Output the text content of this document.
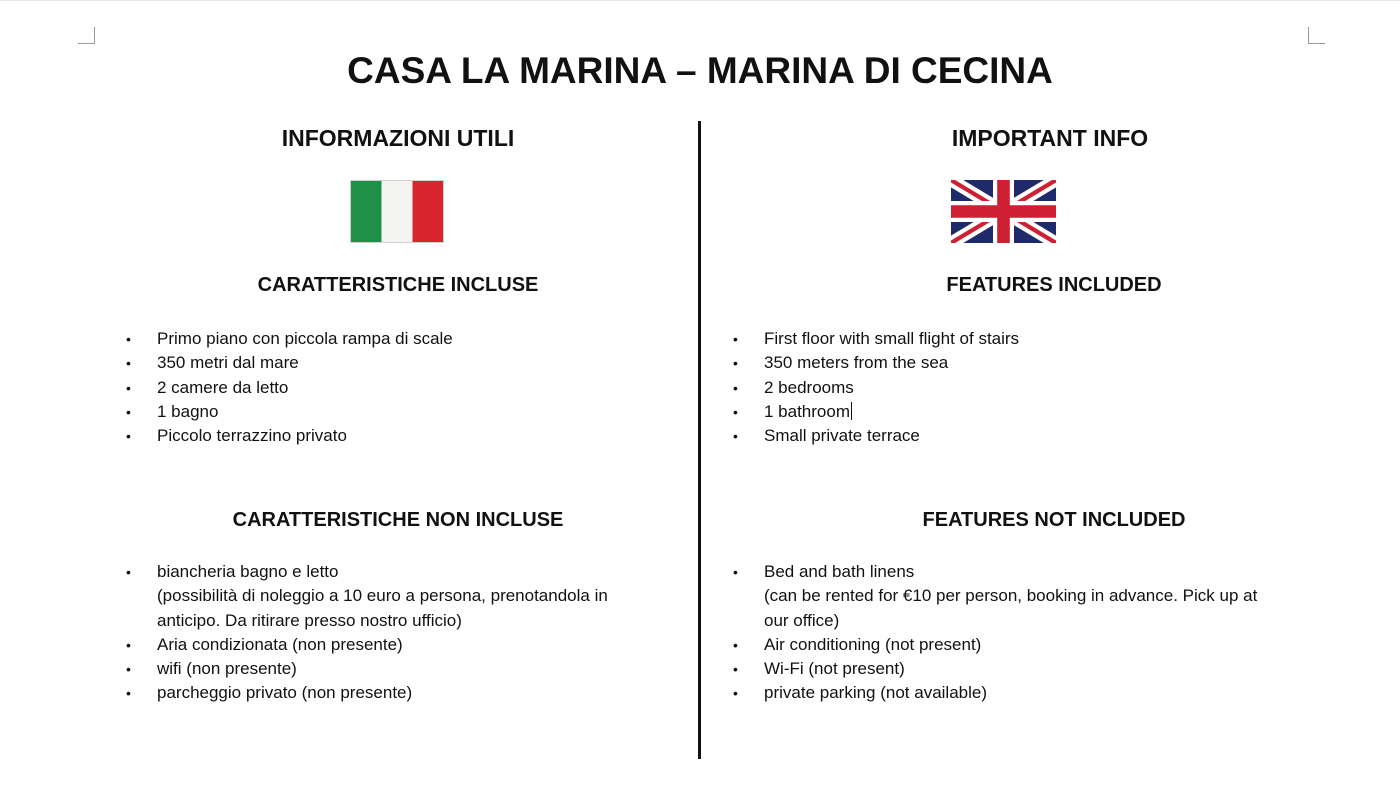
CASA LA MARINA – MARINA DI CECINA
INFORMAZIONI UTILI
CARATTERISTICHE INCLUSE
• Primo piano con piccola rampa di scale
• 350 metri dal mare
• 2 camere da letto
• 1 bagno
• Piccolo terrazzino privato
CARATTERISTICHE NON INCLUSE
• biancheria bagno e letto
(possibilità di noleggio a 10 euro a persona, prenotandola in
anticipo. Da ritirare presso nostro ufficio)
• Aria condizionata (non presente)
• wifi (non presente)
• parcheggio privato (non presente)
IMPORTANT INFO
FEATURES INCLUDED
• First floor with small flight of stairs
• 350 meters from the sea
• 2 bedrooms
• 1 bathroom
• Small private terrace
FEATURES NOT INCLUDED
• Bed and bath linens
(can be rented for €10 per person, booking in advance. Pick up at
our office)
• Air conditioning (not present)
• Wi-Fi (not present)
• private parking (not available)
